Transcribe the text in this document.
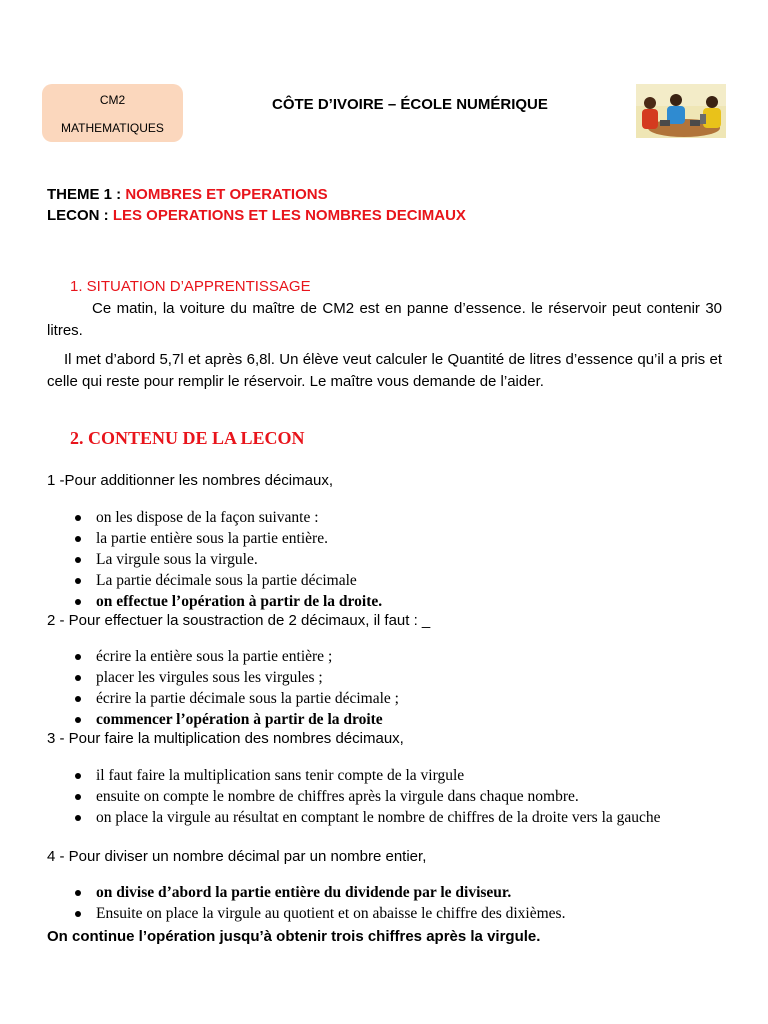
CM2
MATHEMATIQUES
CÔTE D’IVOIRE – ÉCOLE NUMÉRIQUE
THEME 1 : NOMBRES ET OPERATIONS
LECON : LES OPERATIONS ET LES NOMBRES DECIMAUX
1. SITUATION D’APPRENTISSAGE
Ce matin, la voiture du maître de CM2 est en panne d’essence. le réservoir peut contenir 30 litres.
Il met d’abord 5,7l et après 6,8l. Un élève veut calculer le Quantité de litres d’essence qu’il a pris et celle qui reste pour remplir le réservoir. Le maître vous demande de l’aider.
2. CONTENU DE LA LECON
1 -Pour additionner les nombres décimaux,
on les dispose de la façon suivante :
la partie entière sous la partie entière.
La virgule sous la virgule.
La partie décimale sous la partie décimale
on effectue l’opération à partir de la droite.
2 - Pour effectuer la soustraction de 2 décimaux, il faut : _
écrire la entière sous la partie entière ;
placer les virgules sous les virgules ;
écrire la partie décimale sous la partie décimale ;
commencer l’opération à partir de la droite
3 - Pour faire la multiplication des nombres décimaux,
il faut faire la multiplication sans tenir compte de la virgule
ensuite on compte le nombre de chiffres après la virgule dans chaque nombre.
on place la virgule au résultat en comptant le nombre de chiffres de la droite vers la gauche
4 - Pour diviser un nombre décimal par un nombre entier,
on divise d’abord la partie entière du dividende par le diviseur.
Ensuite on place la virgule au quotient et on abaisse le chiffre des dixièmes.
On continue l’opération jusqu’à obtenir trois chiffres après la virgule.
